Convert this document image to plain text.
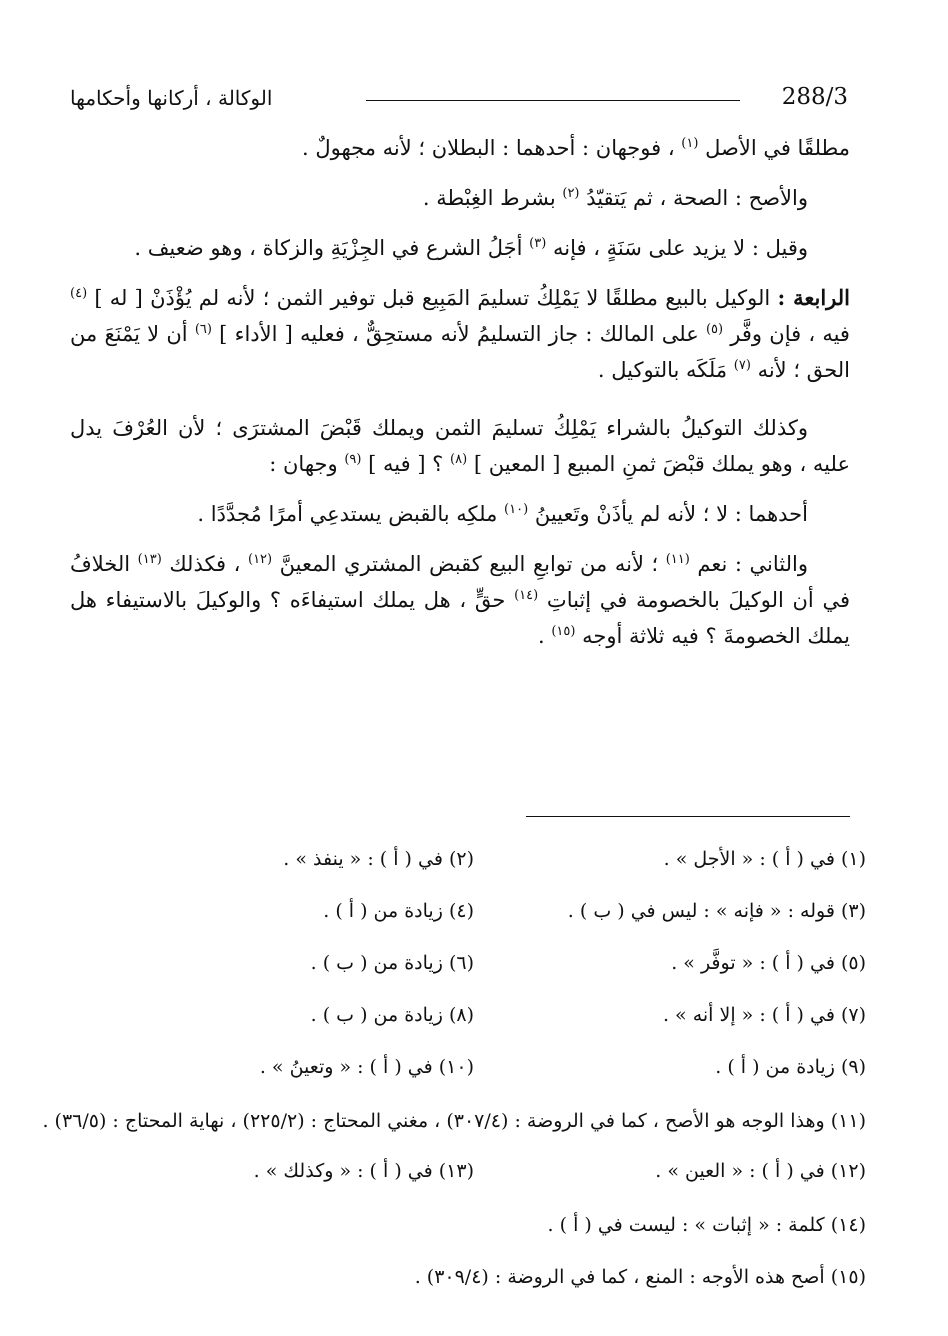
288/3
الوكالة ، أركانها وأحكامها

مطلقًا في الأصل $^{(١)}$ ، فوجهان : أحدهما : البطلان ؛ لأنه مجهولٌ .

والأصح : الصحة ، ثم يَتقيّدُ $^{(٢)}$ بشرط الغِبْطة .

وقيل : لا يزيد على سَنَةٍ ، فإنه $^{(٣)}$ أجَلُ الشرع في الجِزْيَةِ والزكاة ، وهو ضعيف .

الرابعة : الوكيل بالبيع مطلقًا لا يَمْلِكُ تسليمَ المَبِيع قبل توفير الثمن ؛ لأنه لم يُؤْذَنْ [ له ] $^{(٤)}$ فيه ، فإن وفَّر $^{(٥)}$ على المالك : جاز التسليمُ لأنه مستحِقٌّ ، فعليه [ الأداء ] $^{(٦)}$ أن لا يَمْنَعَ من الحق ؛ لأنه $^{(٧)}$ مَلَكَه بالتوكيل .

وكذلك التوكيلُ بالشراء يَمْلِكُ تسليمَ الثمن ويملك قَبْضَ المشترَى ؛ لأن العُرْفَ يدل عليه ، وهو يملك قبْضَ ثمنِ المبيع [ المعين ] $^{(٨)}$ ؟ [ فيه ] $^{(٩)}$ وجهان :

أحدهما : لا ؛ لأنه لم يأذَنْ وتَعيينُ $^{(١٠)}$ ملكِه بالقبض يستدعِي أمرًا مُجدَّدًا .

والثاني : نعم $^{(١١)}$ ؛ لأنه من توابعِ البيع كقبض المشتري المعينَّ $^{(١٢)}$ ، فكذلك $^{(١٣)}$ الخلافُ في أن الوكيلَ بالخصومة في إثباتِ $^{(١٤)}$ حقٍّ ، هل يملك استيفاءَه ؟ والوكيلَ بالاستيفاء هل يملك الخصومةَ ؟ فيه ثلاثة أوجه $^{(١٥)}$ .

(١) في ( أ ) : « الأجل » .
(٢) في ( أ ) : « ينفذ » .
(٣) قوله : « فإنه » : ليس في ( ب ) .
(٤) زيادة من ( أ ) .
(٥) في ( أ ) : « توفَّر » .
(٦) زيادة من ( ب ) .
(٧) في ( أ ) : « إلا أنه » .
(٨) زيادة من ( ب ) .
(٩) زيادة من ( أ ) .
(١٠) في ( أ ) : « وتعينُ » .
(١١) وهذا الوجه هو الأصح ، كما في الروضة : (٣٠٧/٤) ، مغني المحتاج : (٢٢٥/٢) ، نهاية المحتاج : (٣٦/٥) .
(١٢) في ( أ ) : « العين » .
(١٣) في ( أ ) : « وكذلك » .
(١٤) كلمة : « إثبات » : ليست في ( أ ) .
(١٥) أصح هذه الأوجه : المنع ، كما في الروضة : (٣٠٩/٤) .
